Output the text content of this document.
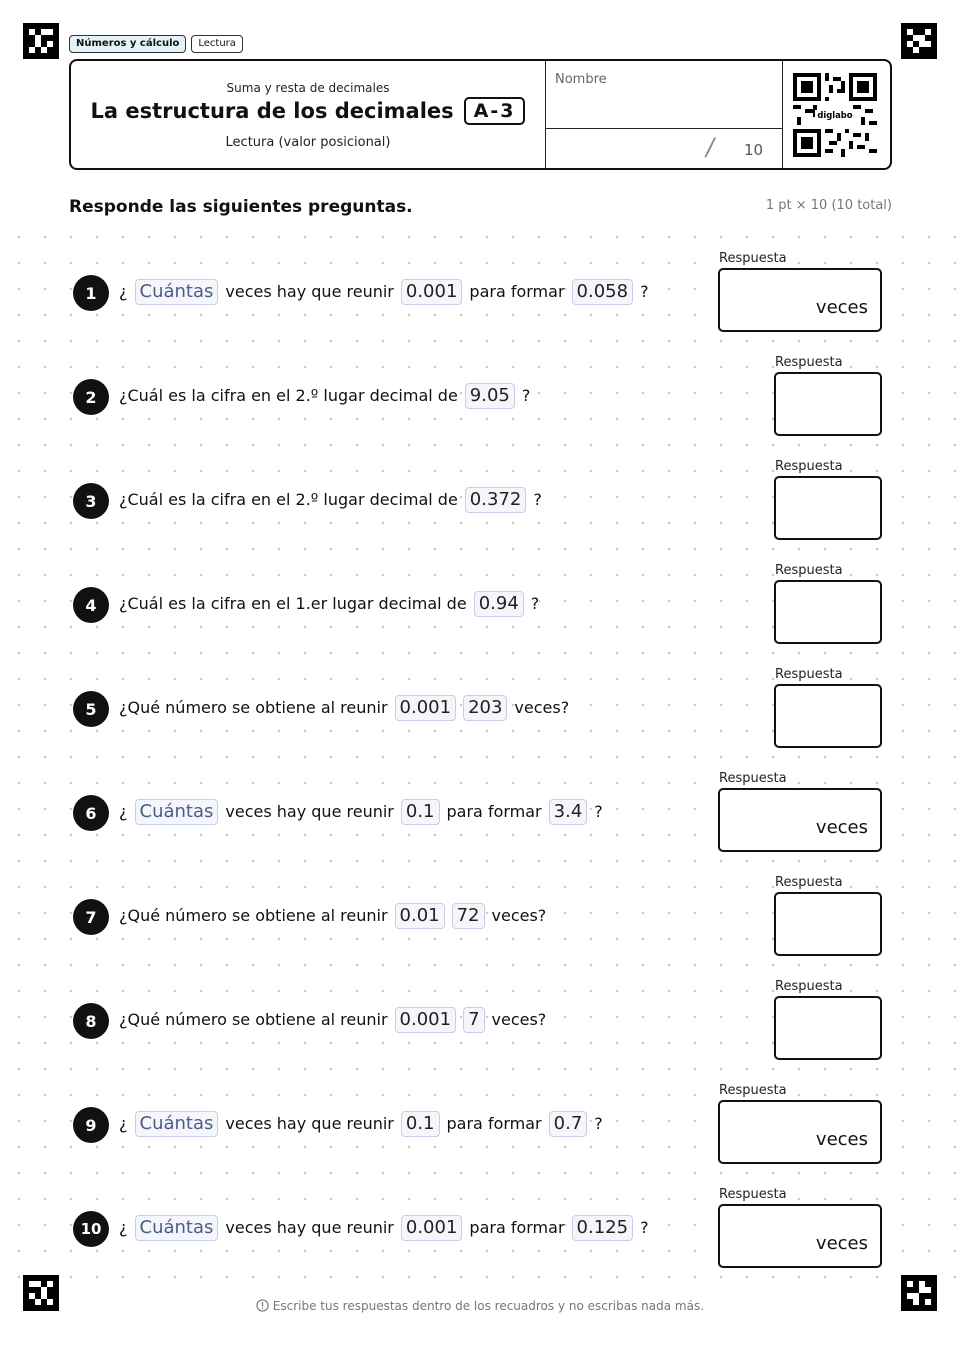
Números y cálculo	Lectura
Suma y resta de decimales
La estructura de los decimales	A-3
Lectura (valor posicional)
Nombre
/ 10
diglabo
Responde las siguientes preguntas.	1 pt × 10 (10 total)
1	¿ Cuántas veces hay que reunir 0.001 para formar 0.058 ?
Respuesta
veces
2	¿Cuál es la cifra en el 2.º lugar decimal de 9.05 ?
Respuesta
3	¿Cuál es la cifra en el 2.º lugar decimal de 0.372 ?
Respuesta
4	¿Cuál es la cifra en el 1.er lugar decimal de 0.94 ?
Respuesta
5	¿Qué número se obtiene al reunir 0.001 203 veces?
Respuesta
6	¿ Cuántas veces hay que reunir 0.1 para formar 3.4 ?
Respuesta
veces
7	¿Qué número se obtiene al reunir 0.01 72 veces?
Respuesta
8	¿Qué número se obtiene al reunir 0.001 7 veces?
Respuesta
9	¿ Cuántas veces hay que reunir 0.1 para formar 0.7 ?
Respuesta
veces
10	¿ Cuántas veces hay que reunir 0.001 para formar 0.125 ?
Respuesta
veces
Escribe tus respuestas dentro de los recuadros y no escribas nada más.
